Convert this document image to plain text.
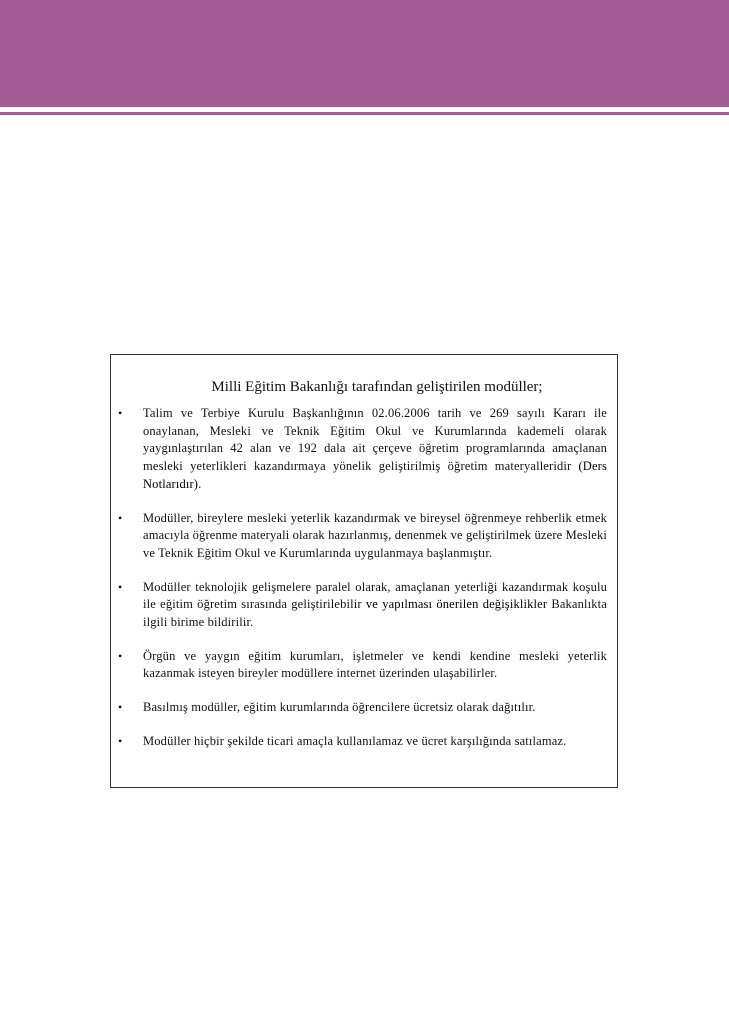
Milli Eğitim Bakanlığı tarafından geliştirilen modüller;
• Talim ve Terbiye Kurulu Başkanlığının 02.06.2006 tarih ve 269 sayılı Kararı ile onaylanan, Mesleki ve Teknik Eğitim Okul ve Kurumlarında kademeli olarak yaygınlaştırılan 42 alan ve 192 dala ait çerçeve öğretim programlarında amaçlanan mesleki yeterlikleri kazandırmaya yönelik geliştirilmiş öğretim materyalleridir (Ders Notlarıdır).
• Modüller, bireylere mesleki yeterlik kazandırmak ve bireysel öğrenmeye rehberlik etmek amacıyla öğrenme materyali olarak hazırlanmış, denenmek ve geliştirilmek üzere Mesleki ve Teknik Eğitim Okul ve Kurumlarında uygulanmaya başlanmıştır.
• Modüller teknolojik gelişmelere paralel olarak, amaçlanan yeterliği kazandırmak koşulu ile eğitim öğretim sırasında geliştirilebilir ve yapılması önerilen değişiklikler Bakanlıkta ilgili birime bildirilir.
• Örgün ve yaygın eğitim kurumları, işletmeler ve kendi kendine mesleki yeterlik kazanmak isteyen bireyler modüllere internet üzerinden ulaşabilirler.
• Basılmış modüller, eğitim kurumlarında öğrencilere ücretsiz olarak dağıtılır.
• Modüller hiçbir şekilde ticari amaçla kullanılamaz ve ücret karşılığında satılamaz.
